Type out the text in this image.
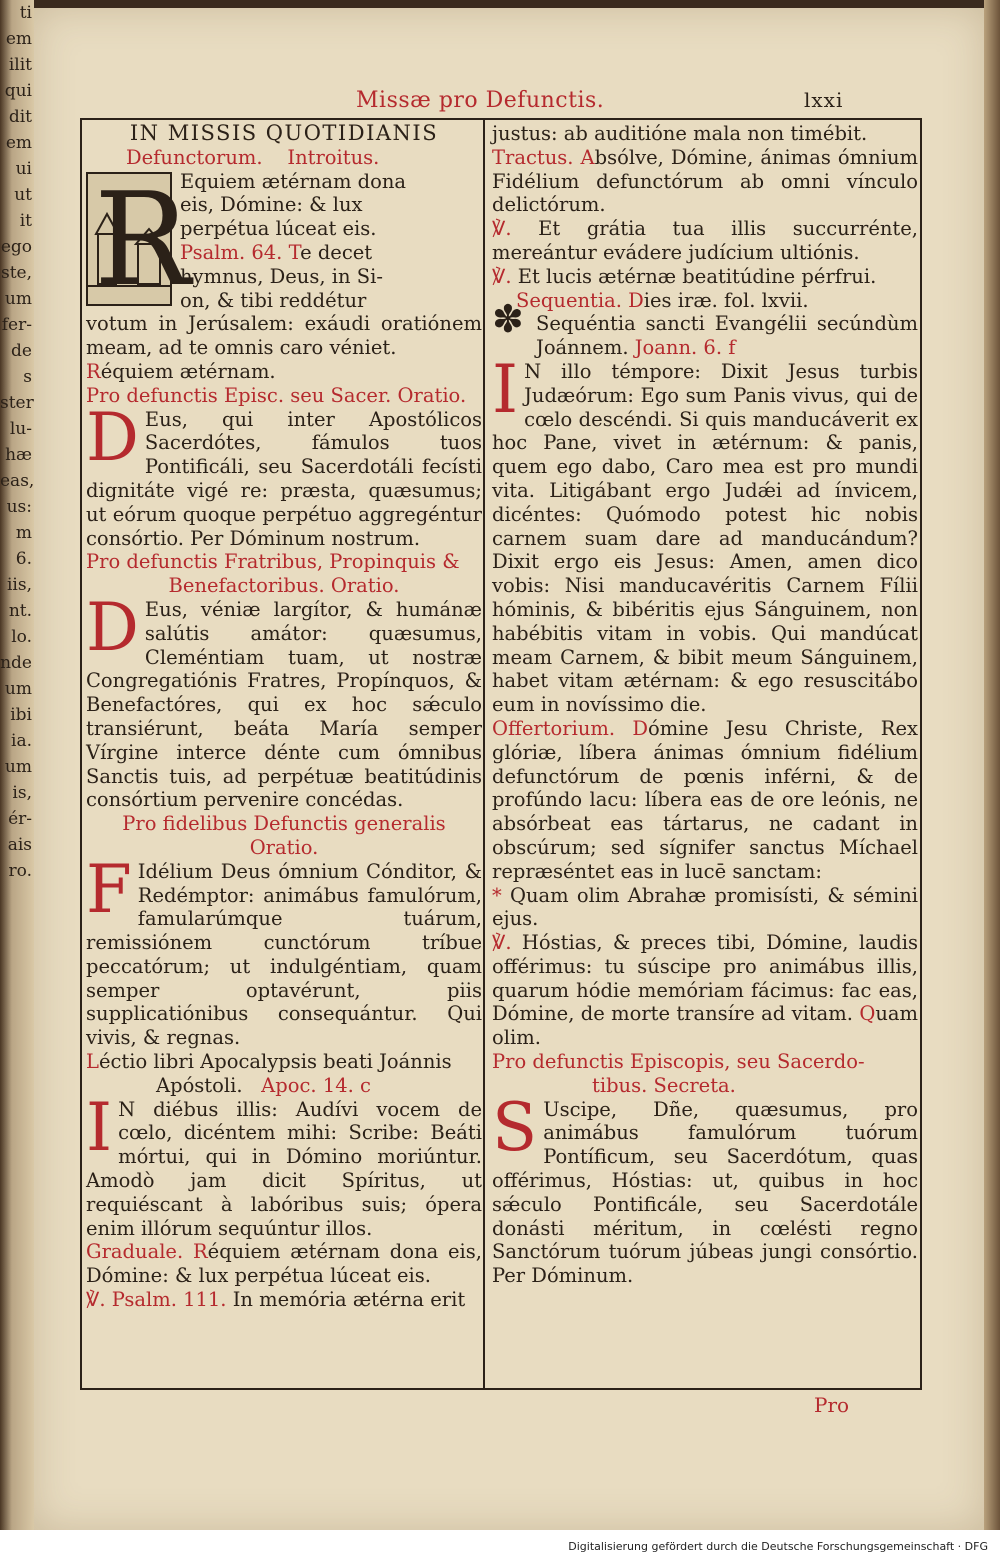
ti
em
ilit
qui
dit
em
ui
ut
it
ego
ste,
um
fer-
de
s
ster
lu-
hæ
eas,
us:
m
6.
iis,
nt.
lo.
nde
um
ibi
ia.
um
is,
ér-
ais
ro.
Missæ pro Defunctis.	lxxi

IN MISSIS QUOTIDIANIS

Defunctorum. Introitus.

R

Equiem ætérnam dona

eis, Dómine: & lux

perpétua lúceat eis.

Psalm. 64. Te decet

hymnus, Deus, in Si-

on, & tibi reddétur

votum in Jerúsalem: exáudi oratiónem meam, ad te omnis caro véniet.

Réquiem ætérnam.

Pro defunctis Episc. seu Sacer. Oratio.

D Eus, qui inter Apostólicos Sacerdótes, fámulos tuos Pontificáli, seu Sacerdotáli fecísti dignitáte vigé re: præsta, quæsumus; ut eórum quoque perpétuo aggregéntur consórtio. Per Dóminum nostrum.

Pro defunctis Fratribus, Propinquis &

Benefactoribus. Oratio.

D Eus, véniæ largítor, & humánæ salútis amátor: quæsumus, Cleméntiam tuam, ut nostræ Congregatiónis Fratres, Propínquos, & Benefactóres, qui ex hoc sǽculo transiérunt, beáta María semper Vírgine interce dénte cum ómnibus Sanctis tuis, ad perpétuæ beatitúdinis consórtium pervenire concédas.

Pro fidelibus Defunctis generalis

Oratio.

F Idélium Deus ómnium Cónditor, & Redémptor: animábus famulórum, famularúmque tuárum, remissiónem cunctórum tríbue peccatórum; ut indulgéntiam, quam semper optavérunt, piis supplicatiónibus consequántur. Qui vivis, & regnas.

Léctio libri Apocalypsis beati Joánnis

Apóstoli. Apoc. 14. c

I N diébus illis: Audívi vocem de cœlo, dicéntem mihi: Scribe: Beáti mórtui, qui in Dómino moriúntur. Amodò jam dicit Spíritus, ut requiéscant à labóribus suis; ópera enim illórum sequúntur illos.

Graduale. Réquiem ætérnam dona eis, Dómine: & lux perpétua lúceat eis.

℣. Psalm. 111. In memória ætérna erit

justus: ab auditióne mala non timébit.

Tractus. Absólve, Dómine, ánimas ómnium Fidélium defunctórum ab omni vínculo delictórum.

℣. Et grátia tua illis succurrénte, mereántur evádere judícium ultiónis.

℣. Et lucis ætérnæ beatitúdine pérfrui.

Sequentia. Dies iræ. fol. lxvii.

✽ Sequéntia sancti Evangélii secúndùm Joánnem. Joann. 6. f

I N illo témpore: Dixit Jesus turbis Judæórum: Ego sum Panis vivus, qui de cœlo descéndi. Si quis manducáverit ex hoc Pane, vivet in ætérnum: & panis, quem ego dabo, Caro mea est pro mundi vita. Litigábant ergo Judǽi ad ínvicem, dicéntes: Quómodo potest hic nobis carnem suam dare ad manducándum? Dixit ergo eis Jesus: Amen, amen dico vobis: Nisi manducavéritis Carnem Fílii hóminis, & bibéritis ejus Sánguinem, non habébitis vitam in vobis. Qui mandúcat meam Carnem, & bibit meum Sánguinem, habet vitam ætérnam: & ego resuscitábo eum in novíssimo die.

Offertorium. Dómine Jesu Christe, Rex glóriæ, líbera ánimas ómnium fidélium defunctórum de pœnis inférni, & de profúndo lacu: líbera eas de ore leónis, ne absórbeat eas tártarus, ne cadant in obscúrum; sed sígnifer sanctus Míchael repræséntet eas in lucē sanctam:

* Quam olim Abrahæ promisísti, & sémini ejus.

℣. Hóstias, & preces tibi, Dómine, laudis offérimus: tu súscipe pro animábus illis, quarum hódie memóriam fácimus: fac eas, Dómine, de morte transíre ad vitam. Quam olim.

Pro defunctis Episcopis, seu Sacerdo-

tibus. Secreta.

S Uscipe, Dñe, quæsumus, pro animábus famulórum tuórum Pontíficum, seu Sacerdótum, quas offérimus, Hóstias: ut, quibus in hoc sǽculo Pontificále, seu Sacerdotále donásti méritum, in cœlésti regno Sanctórum tuórum júbeas jungi consórtio. Per Dóminum.

Pro
Digitalisierung gefördert durch die Deutsche Forschungsgemeinschaft · DFG
